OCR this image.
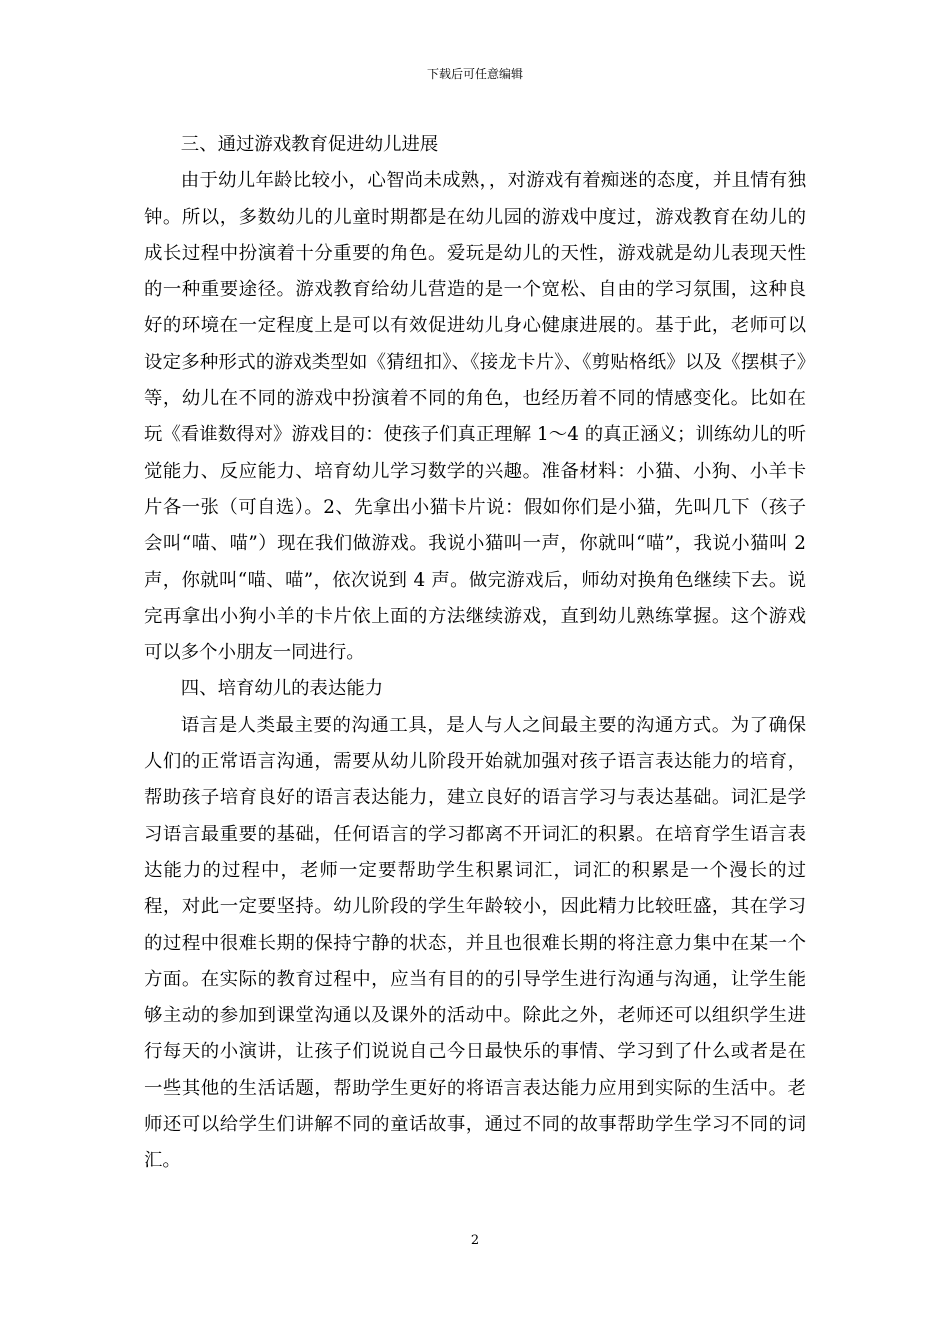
下载后可任意编辑

三、通过游戏教育促进幼儿进展

由于幼儿年龄比较小，心智尚未成熟，，对游戏有着痴迷的态度，并且情有独钟。所以，多数幼儿的儿童时期都是在幼儿园的游戏中度过，游戏教育在幼儿的成长过程中扮演着十分重要的角色。爱玩是幼儿的天性，游戏就是幼儿表现天性的一种重要途径。游戏教育给幼儿营造的是一个宽松、自由的学习氛围，这种良好的环境在一定程度上是可以有效促进幼儿身心健康进展的。基于此，老师可以设定多种形式的游戏类型如《猜纽扣》、《接龙卡片》、《剪贴格纸》以及《摆棋子》等，幼儿在不同的游戏中扮演着不同的角色，也经历着不同的情感变化。比如在玩《看谁数得对》游戏目的：使孩子们真正理解 1～4 的真正涵义；训练幼儿的听觉能力、反应能力、培育幼儿学习数学的兴趣。准备材料：小猫、小狗、小羊卡片各一张（可自选）。2、先拿出小猫卡片说：假如你们是小猫，先叫几下（孩子会叫“喵、喵”）现在我们做游戏。我说小猫叫一声，你就叫“喵”，我说小猫叫 2 声，你就叫“喵、喵”，依次说到 4 声。做完游戏后，师幼对换角色继续下去。说完再拿出小狗小羊的卡片依上面的方法继续游戏，直到幼儿熟练掌握。这个游戏可以多个小朋友一同进行。

四、培育幼儿的表达能力

语言是人类最主要的沟通工具，是人与人之间最主要的沟通方式。为了确保人们的正常语言沟通，需要从幼儿阶段开始就加强对孩子语言表达能力的培育，帮助孩子培育良好的语言表达能力，建立良好的语言学习与表达基础。词汇是学习语言最重要的基础，任何语言的学习都离不开词汇的积累。在培育学生语言表达能力的过程中，老师一定要帮助学生积累词汇，词汇的积累是一个漫长的过程，对此一定要坚持。幼儿阶段的学生年龄较小，因此精力比较旺盛，其在学习的过程中很难长期的保持宁静的状态，并且也很难长期的将注意力集中在某一个方面。在实际的教育过程中，应当有目的的引导学生进行沟通与沟通，让学生能够主动的参加到课堂沟通以及课外的活动中。除此之外，老师还可以组织学生进行每天的小演讲，让孩子们说说自己今日最快乐的事情、学习到了什么或者是在一些其他的生活话题，帮助学生更好的将语言表达能力应用到实际的生活中。老师还可以给学生们讲解不同的童话故事，通过不同的故事帮助学生学习不同的词汇。

2
